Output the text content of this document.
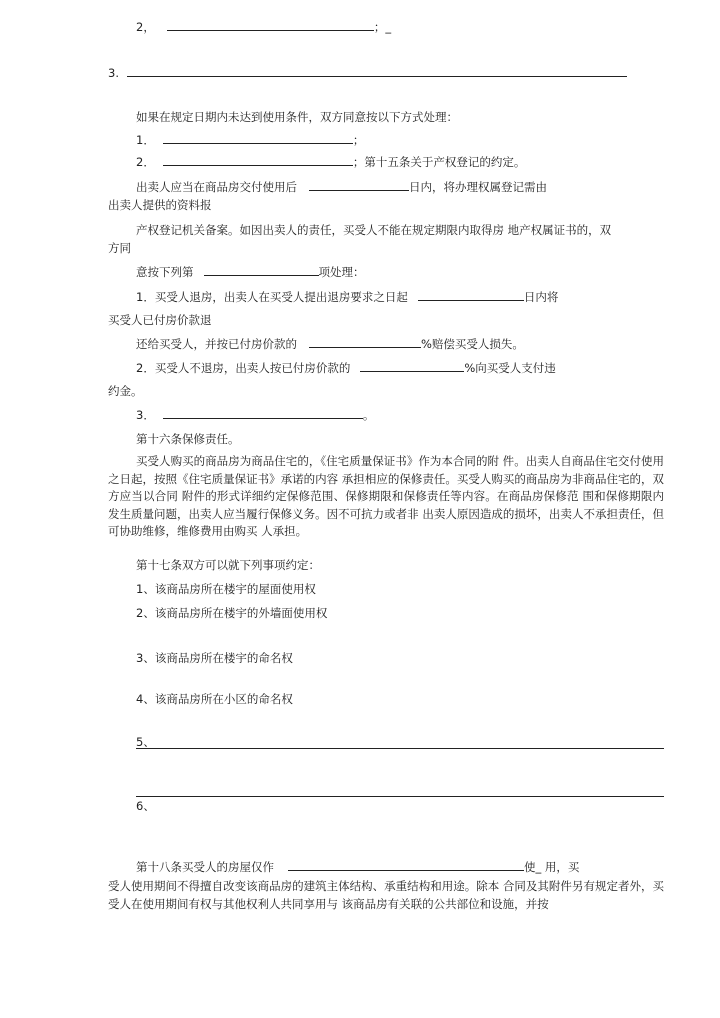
2，	；_
3.
如果在规定日期内未达到使用条件，双方同意按以下方式处理：
1．	；
2．	；第十五条关于产权登记的约定。
出卖人应当在商品房交付使用后	日内，将办理权属登记需由
出卖人提供的资料报
产权登记机关备案。如因出卖人的责任，买受人不能在规定期限内取得房 地产权属证书的，双
方同
意按下列第	项处理：
1．买受人退房，出卖人在买受人提出退房要求之日起	日内将
买受人已付房价款退
还给买受人，并按已付房价款的	%赔偿买受人损失。
2．买受人不退房，出卖人按已付房价款的	%向买受人支付违
约金。
3．	。
第十六条保修责任。
买受人购买的商品房为商品住宅的，《住宅质量保证书》作为本合同的附 件。出卖人自商品住宅交付使用之日起，按照《住宅质量保证书》承诺的内容 承担相应的保修责任。买受人购买的商品房为非商品住宅的，双方应当以合同 附件的形式详细约定保修范围、保修期限和保修责任等内容。在商品房保修范 围和保修期限内发生质量问题，出卖人应当履行保修义务。因不可抗力或者非 出卖人原因造成的损坏，出卖人不承担责任，但可协助维修，维修费用由购买 人承担。
第十七条双方可以就下列事项约定：
1、该商品房所在楼宇的屋面使用权
2、该商品房所在楼宇的外墙面使用权
3、该商品房所在楼宇的命名权
4、该商品房所在小区的命名权
5、
6、
第十八条买受人的房屋仅作	使_ 用，买
受人使用期间不得擅自改变该商品房的建筑主体结构、承重结构和用途。除本 合同及其附件另有规定者外，买受人在使用期间有权与其他权利人共同享用与 该商品房有关联的公共部位和设施，并按
